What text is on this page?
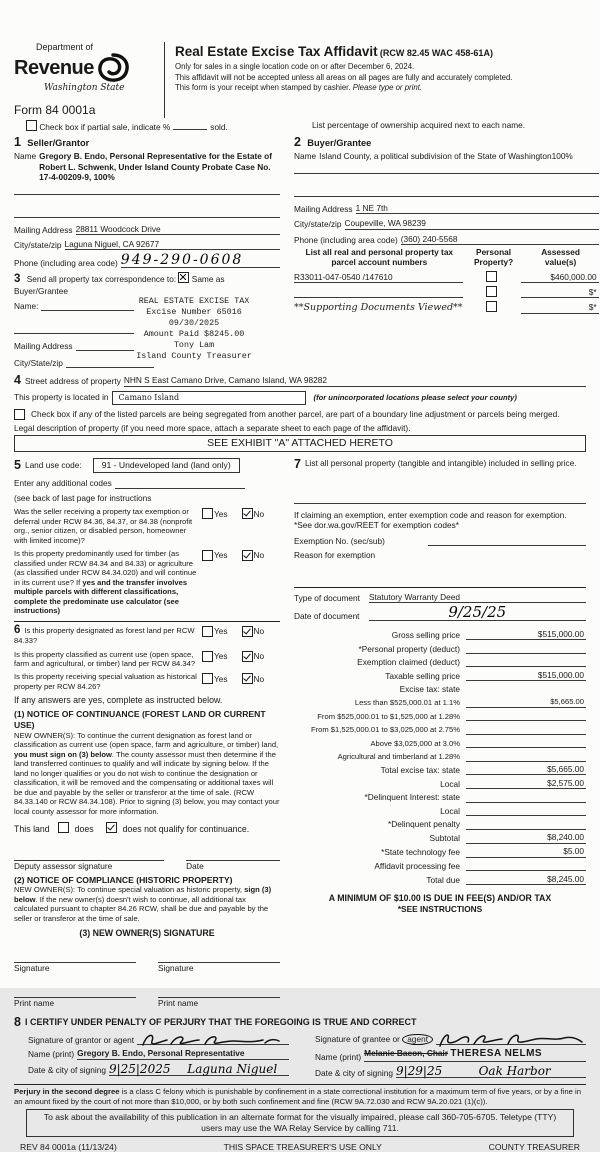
Department of
Revenue
Washington State
Form 84 0001a
Real Estate Excise Tax Affidavit (RCW 82.45 WAC 458-61A)
Only for sales in a single location code on or after December 6, 2024.
This affidavit will not be accepted unless all areas on all pages are fully and accurately completed.
This form is your receipt when stamped by cashier. Please type or print.
Check box if partial sale, indicate %	sold.	List percentage of ownership acquired next to each name.
1 Seller/Grantor
Name Gregory B. Endo, Personal Representative for the Estate of Robert L. Schwenk, Under Island County Probate Case No. 17-4-00209-9, 100%
Mailing Address 28811 Woodcock Drive
City/state/zip Laguna Niguel, CA 92677
Phone (including area code) 949-290-0608
3 Send all property tax correspondence to: Same as Buyer/Grantee
REAL ESTATE EXCISE TAX
Excise Number 65016
09/30/2025
Amount Paid $8245.00
Tony Lam
Island County Treasurer
Name:
Mailing Address
City/State/zip
2 Buyer/Grantee
Name Island County, a political subdivision of the State of Washington100%
Mailing Address 1 NE 7th
City/state/zip Coupeville, WA 98239
Phone (including area code) (360) 240-5568
List all real and personal property tax parcel account numbers
Personal
Property?
Assessed
value(s)
R33011-047-0540 /147610	$460,000.00
$*
**Supporting Documents Viewed**	$*
4 Street address of property NHN S East Camano Drive, Camano Island, WA 98282
This property is located in	Camano Island	(for unincorporated locations please select your county)
Check box if any of the listed parcels are being segregated from another parcel, are part of a boundary line adjustment or parcels being merged.
Legal description of property (if you need more space, attach a separate sheet to each page of the affidavit).
SEE EXHIBIT "A" ATTACHED HERETO
5 Land use code:	91 - Undeveloped land (land only)
Enter any additional codes
(see back of last page for instructions
Was the seller receiving a property tax exemption or deferral under RCW 84.36, 84.37, or 84.38 (nonprofit org., senior citizen, or disabled person, homeowner with limited income)?
Yes	No
Is this property predominantly used for timber (as classified under RCW 84.34 and 84.33) or agriculture (as classified under RCW 84.34.020) and will continue in its current use? If yes and the transfer involves multiple parcels with different classifications, complete the predominate use calculator (see instructions)
Yes	No
6 Is this property designated as forest land per RCW 84.33?
Yes	No
Is this property classified as current use (open space, farm and agricultural, or timber) land per RCW 84.34?
Yes	No
Is this property receiving special valuation as historical property per RCW 84.26?
Yes	No
If any answers are yes, complete as instructed below.
(1) NOTICE OF CONTINUANCE (FOREST LAND OR CURRENT USE)
NEW OWNER(S): To continue the current designation as forest land or classification as current use (open space, farm and agriculture, or timber) land, you must sign on (3) below. The county assessor must then determine if the land transferred continues to qualify and will indicate by signing below. If the land no longer qualifies or you do not wish to continue the designation or classification, it will be removed and the compensating or additional taxes will be due and payable by the seller or transferor at the time of sale. (RCW 84.33.140 or RCW 84.34.108). Prior to signing (3) below, you may contact your local county assessor for more information.
This land	does	does not qualify for continuance.
Deputy assessor signature	Date
(2) NOTICE OF COMPLIANCE (HISTORIC PROPERTY)
NEW OWNER(S): To continue special valuation as historic property, sign (3) below. If the new owner(s) doesn't wish to continue, all additional tax calculated pursuant to chapter 84.26 RCW, shall be due and payable by the seller or transferor at the time of sale.
(3) NEW OWNER(S) SIGNATURE
Signature	Signature
Print name	Print name
7 List all personal property (tangible and intangible) included in selling price.
If claiming an exemption, enter exemption code and reason for exemption. *See dor.wa.gov/REET for exemption codes*
Exemption No. (sec/sub)
Reason for exemption
Type of document	Statutory Warranty Deed
Date of document	9/25/25
Gross selling price	$515,000.00
*Personal property (deduct)
Exemption claimed (deduct)
Taxable selling price	$515,000.00
Excise tax: state
Less than $525,000.01 at 1.1%	$5,665.00
From $525,000.01 to $1,525,000 at 1.28%
From $1,525,000.01 to $3,025,000 at 2.75%
Above $3,025,000 at 3.0%
Agricultural and timberland at 1.28%
Total excise tax: state	$5,665.00
Local	$2,575.00
*Delinquent Interest: state
Local
*Delinquent penalty
Subtotal	$8,240.00
*State technology fee	$5.00
Affidavit processing fee
Total due	$8,245.00
A MINIMUM OF $10.00 IS DUE IN FEE(S) AND/OR TAX
*SEE INSTRUCTIONS
8 I CERTIFY UNDER PENALTY OF PERJURY THAT THE FOREGOING IS TRUE AND CORRECT
Signature of grantor or agent
Name (print) Gregory B. Endo, Personal Representative
Date & city of signing 9|25|2025	Laguna Niguel
Signature of grantee or agent
Name (print) Melanie Bacon, Chair THERESA NELMS
Date & city of signing 9|29|25	Oak Harbor
Perjury in the second degree is a class C felony which is punishable by confinement in a state correctional institution for a maximum term of five years, or by a fine in an amount fixed by the court of not more than $10,000, or by both such confinement and fine (RCW 9A.72.030 and RCW 9A.20.021 (1)(c)).
To ask about the availability of this publication in an alternate format for the visually impaired, please call 360-705-6705. Teletype (TTY) users may use the WA Relay Service by calling 711.
REV 84 0001a (11/13/24)	THIS SPACE TREASURER'S USE ONLY	COUNTY TREASURER
